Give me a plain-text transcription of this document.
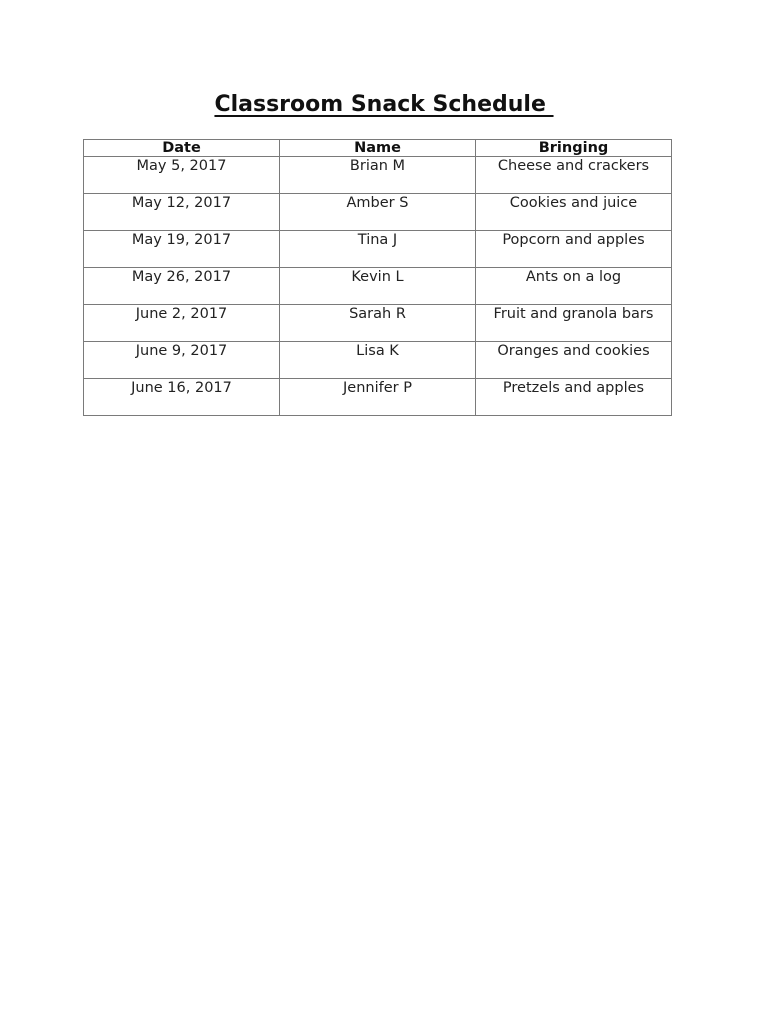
Classroom Snack Schedule
Date	Name	Bringing
May 5, 2017	Brian M	Cheese and crackers
May 12, 2017	Amber S	Cookies and juice
May 19, 2017	Tina J	Popcorn and apples
May 26, 2017	Kevin L	Ants on a log
June 2, 2017	Sarah R	Fruit and granola bars
June 9, 2017	Lisa K	Oranges and cookies
June 16, 2017	Jennifer P	Pretzels and apples
